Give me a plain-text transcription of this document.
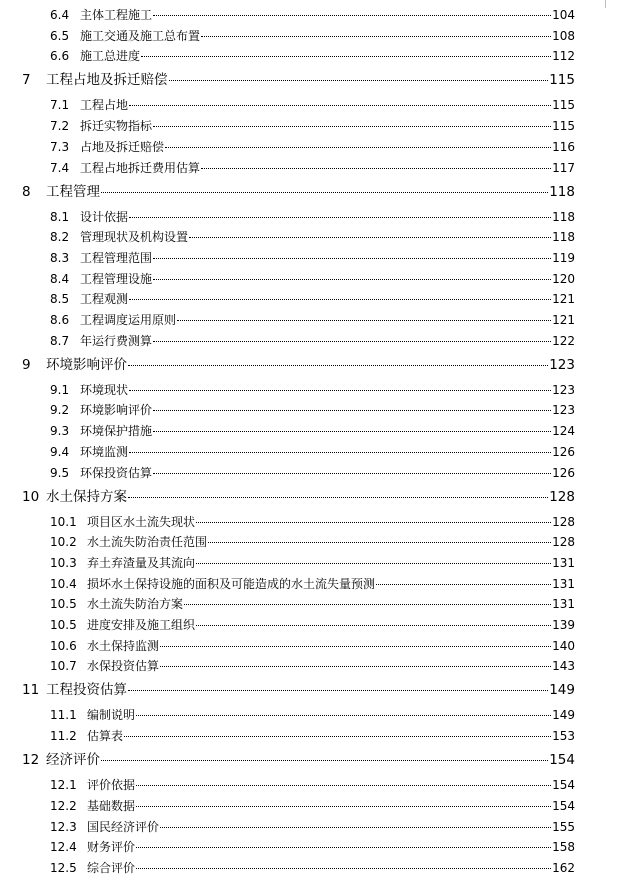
6.4 主体工程施工	104
6.5 施工交通及施工总布置	108
6.6 施工总进度	112
7	工程占地及拆迁赔偿	115
7.1 工程占地	115
7.2 拆迁实物指标	115
7.3 占地及拆迁赔偿	116
7.4 工程占地拆迁费用估算	117
8	工程管理	118
8.1 设计依据	118
8.2 管理现状及机构设置	118
8.3 工程管理范围	119
8.4 工程管理设施	120
8.5 工程观测	121
8.6 工程调度运用原则	121
8.7 年运行费测算	122
9	环境影响评价	123
9.1 环境现状	123
9.2 环境影响评价	123
9.3 环境保护措施	124
9.4 环境监测	126
9.5 环保投资估算	126
10 水土保持方案	128
10.1 项目区水土流失现状	128
10.2 水土流失防治责任范围	128
10.3 弃土弃渣量及其流向	131
10.4 损坏水土保持设施的面积及可能造成的水土流失量预测	131
10.5 水土流失防治方案	131
10.5 进度安排及施工组织	139
10.6 水土保持监测	140
10.7 水保投资估算	143
11 工程投资估算	149
11.1 编制说明	149
11.2 估算表	153
12 经济评价	154
12.1 评价依据	154
12.2 基础数据	154
12.3 国民经济评价	155
12.4 财务评价	158
12.5 综合评价	162
